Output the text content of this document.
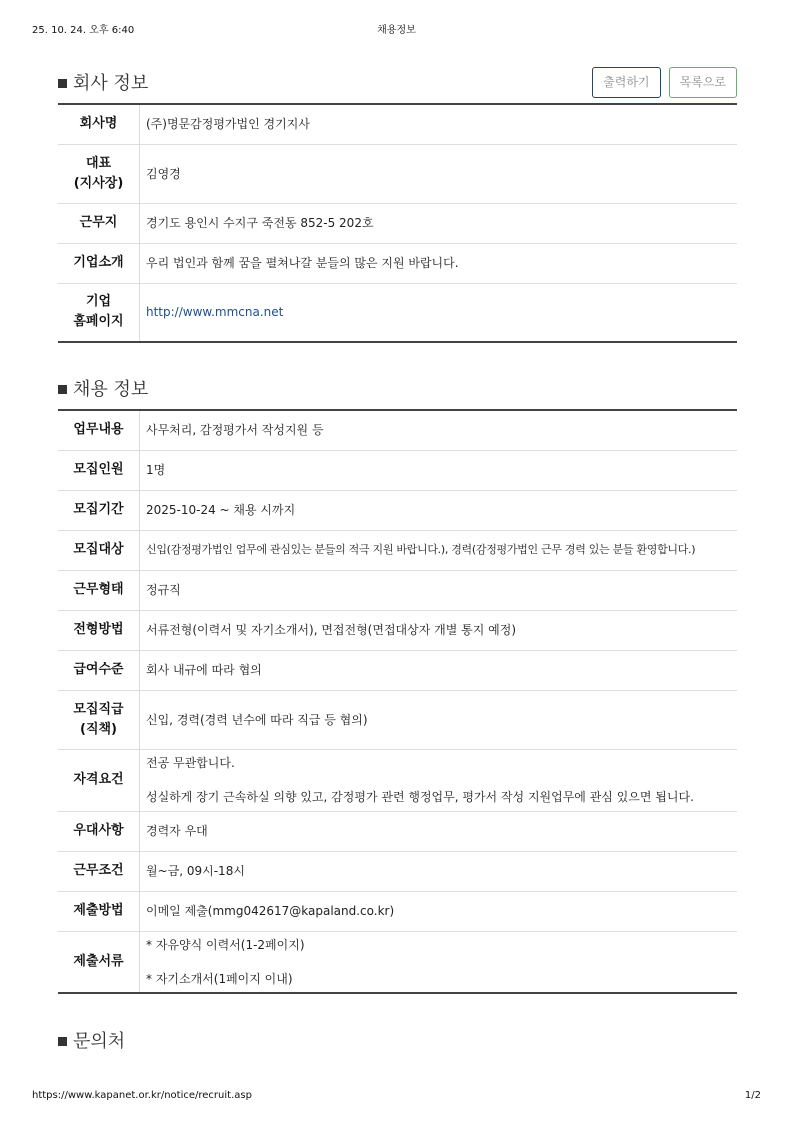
25. 10. 24. 오후 6:40	채용정보
회사 정보	출력하기	목록으로
회사명	(주)명문감정평가법인 경기지사

대표
(지사장)	김영경
근무지	경기도 용인시 수지구 죽전동 852-5 202호
기업소개	우리 법인과 함께 꿈을 펼쳐나갈 분들의 많은 지원 바랍니다.

기업
홈페이지	http://www.mmcna.net
채용 정보
업무내용	사무처리, 감정평가서 작성지원 등
모집인원	1명
모집기간	2025-10-24 ~ 채용 시까지
모집대상	신입(감정평가법인 업무에 관심있는 분들의 적극 지원 바랍니다.), 경력(감정평가법인 근무 경력 있는 분들 환영합니다.)
근무형태	정규직
전형방법	서류전형(이력서 및 자기소개서), 면접전형(면접대상자 개별 통지 예정)
급여수준	회사 내규에 따라 협의

모집직급
(직책)	신입, 경력(경력 년수에 따라 직급 등 협의)
자격요건	전공 무관합니다.

성실하게 장기 근속하실 의향 있고, 감정평가 관련 행정업무, 평가서 작성 지원업무에 관심 있으면 됩니다.

우대사항	경력자 우대
근무조건	월~금, 09시-18시
제출방법	이메일 제출(mmg042617@kapaland.co.kr)
제출서류	* 자유양식 이력서(1-2페이지)

* 자기소개서(1페이지 이내)

문의처
https://www.kapanet.or.kr/notice/recruit.asp	1/2
